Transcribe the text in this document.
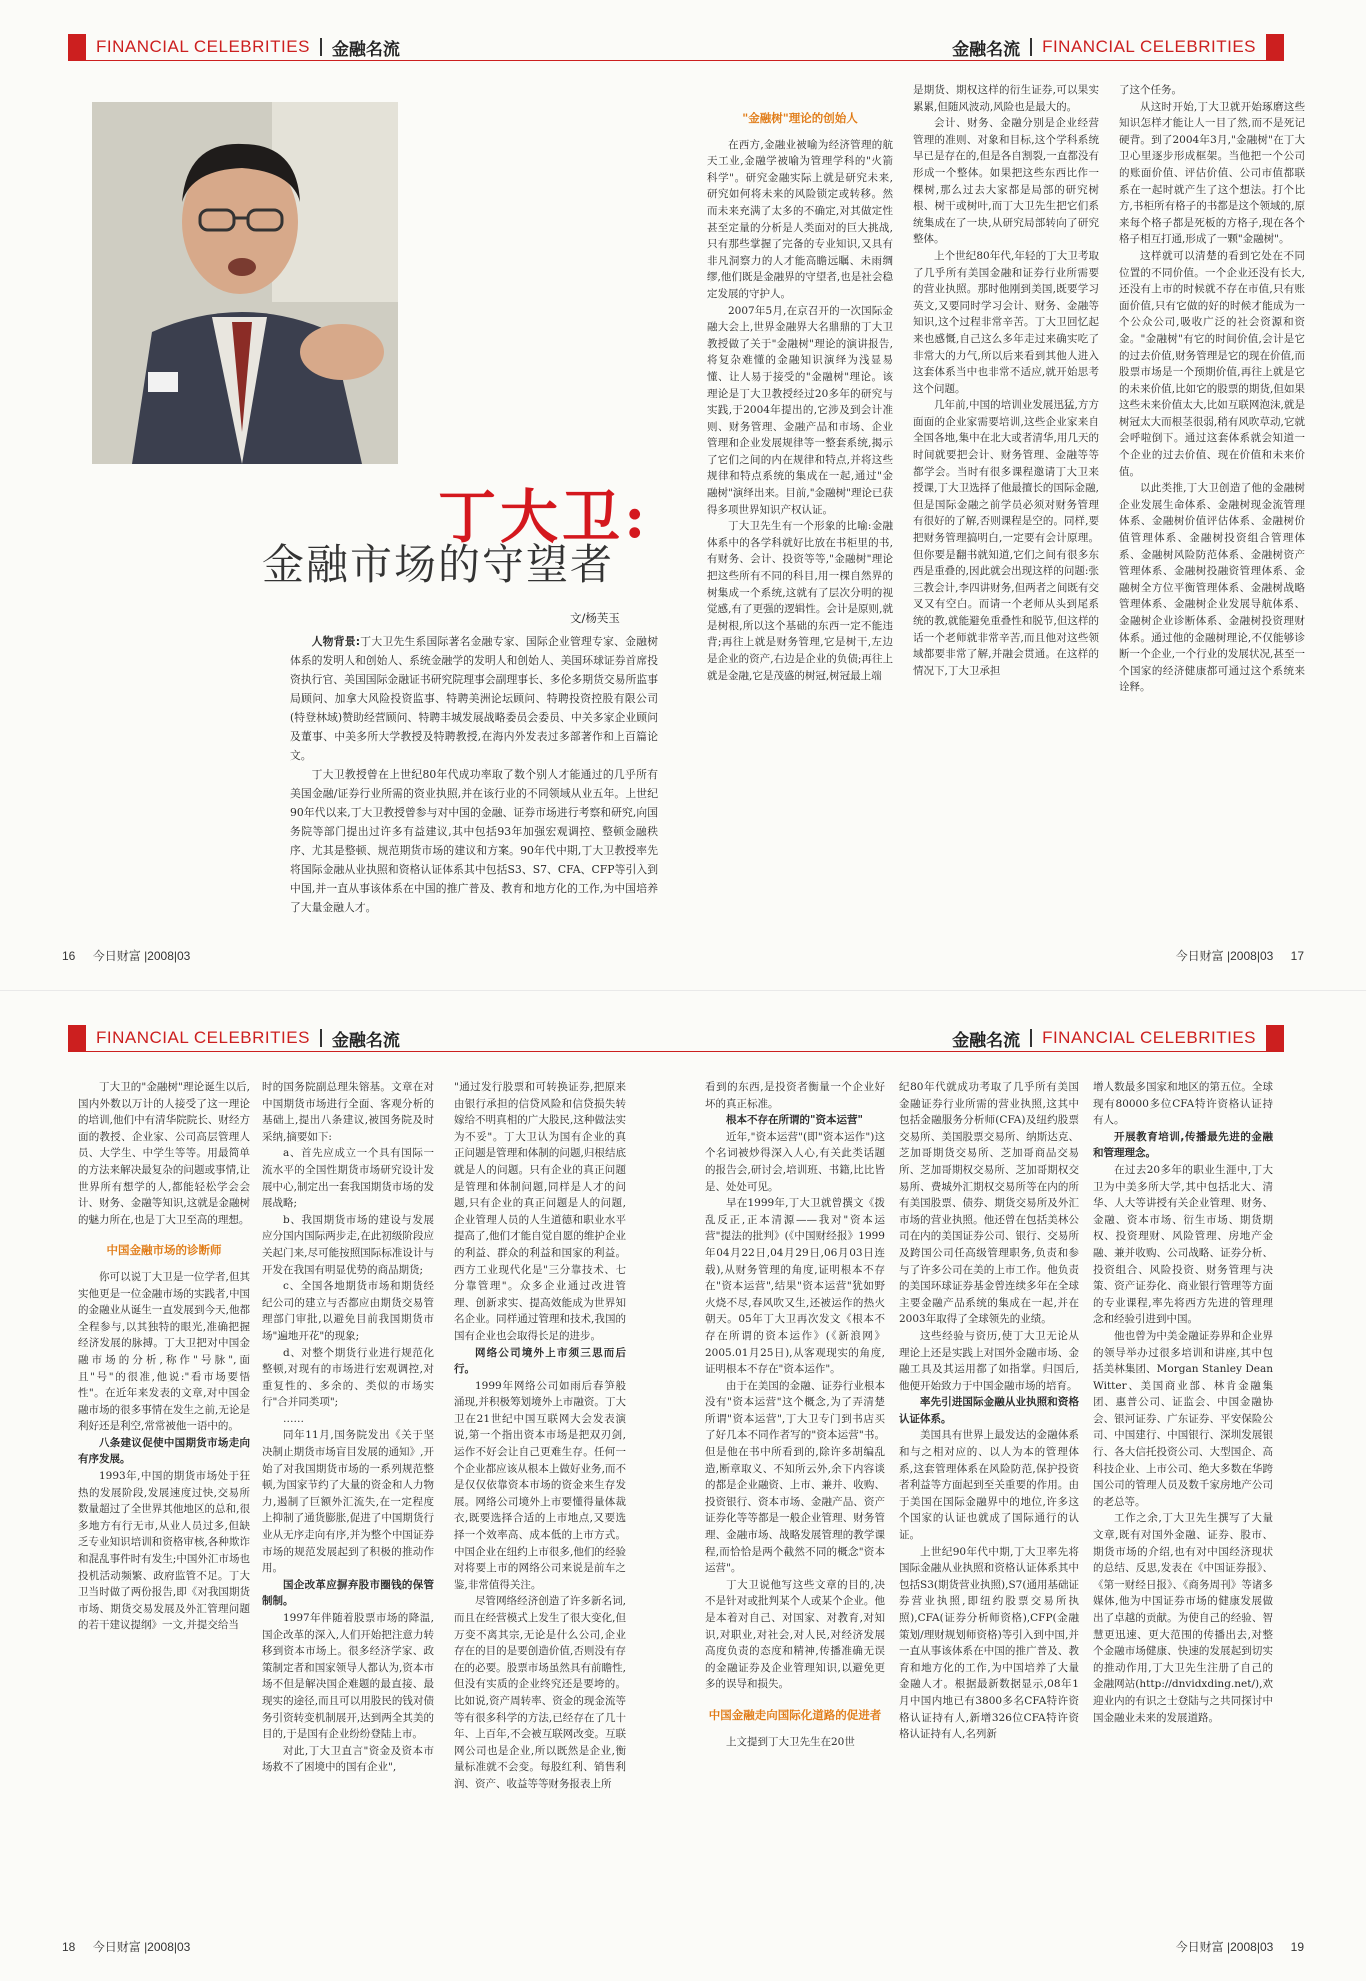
FINANCIAL CELEBRITIES 金融名流
丁大卫:
金融市场的守望者
文/杨芙玉

人物背景:丁大卫先生系国际著名金融专家、国际企业管理专家、金融树体系的发明人和创始人、系统金融学的发明人和创始人、美国环球证券首席投资执行官、美国国际金融证书研究院理事会副理事长、多伦多期货交易所监事局顾问、加拿大风险投资监事、特聘美洲论坛顾问、特聘投资控股有限公司(特登林域)赞助经营顾问、特聘丰城发展战略委员会委员、中关多家企业顾问及董事、中美多所大学教授及特聘教授,在海内外发表过多部著作和上百篇论文。

丁大卫教授曾在上世纪80年代成功率取了数个别人才能通过的几乎所有美国金融/证券行业所需的资业执照,并在该行业的不同领域从业五年。上世纪90年代以来,丁大卫教授曾参与对中国的金融、证券市场进行考察和研究,向国务院等部门提出过许多有益建议,其中包括93年加强宏观调控、整顿金融秩序、尤其是整顿、规范期货市场的建议和方案。90年代中期,丁大卫教授率先将国际金融从业执照和资格认证体系其中包括S3、S7、CFA、CFP等引入到中国,并一直从事该体系在中国的推广普及、教育和地方化的工作,为中国培养了大量金融人才。

16 今日财富 |2008|03
金融名流 FINANCIAL CELEBRITIES

"金融树"理论的创始人

在西方,金融业被喻为经济管理的航天工业,金融学被喻为管理学科的"火箭科学"。研究金融实际上就是研究未来,研究如何将未来的风险锁定或转移。然而未来充满了太多的不确定,对其做定性甚至定量的分析是人类面对的巨大挑战,只有那些掌握了完备的专业知识,又具有非凡洞察力的人才能高瞻远瞩、未雨绸缪,他们既是金融界的守望者,也是社会稳定发展的守护人。

2007年5月,在京召开的一次国际金融大会上,世界金融界大名鼎鼎的丁大卫教授做了关于"金融树"理论的演讲报告,将复杂难懂的金融知识演绎为浅显易懂、让人易于接受的"金融树"理论。该理论是丁大卫教授经过20多年的研究与实践,于2004年提出的,它涉及到会计准则、财务管理、金融产品和市场、企业管理和企业发展规律等一整套系统,揭示了它们之间的内在规律和特点,并将这些规律和特点系统的集成在一起,通过"金融树"演绎出来。目前,"金融树"理论已获得多项世界知识产权认证。

丁大卫先生有一个形象的比喻:金融体系中的各学科就好比放在书柜里的书,有财务、会计、投资等等,"金融树"理论把这些所有不同的科目,用一棵自然界的树集成一个系统,这就有了层次分明的视觉感,有了更强的逻辑性。会计是原则,就是树根,所以这个基础的东西一定不能违背;再往上就是财务管理,它是树干,左边是企业的资产,右边是企业的负债;再往上就是金融,它是茂盛的树冠,树冠最上端

是期货、期权这样的衍生证券,可以果实累累,但随风波动,风险也是最大的。

会计、财务、金融分别是企业经营管理的准则、对象和目标,这个学科系统早已是存在的,但是各自割裂,一直都没有形成一个整体。如果把这些东西比作一棵树,那么过去大家都是局部的研究树根、树干或树叶,而丁大卫先生把它们系统集成在了一块,从研究局部转向了研究整体。

上个世纪80年代,年轻的丁大卫考取了几乎所有美国金融和证券行业所需要的营业执照。那时他刚到美国,既要学习英文,又要同时学习会计、财务、金融等知识,这个过程非常辛苦。丁大卫回忆起来也感慨,自己这么多年走过来确实吃了非常大的力气,所以后来看到其他人进入这套体系当中也非常不适应,就开始思考这个问题。

几年前,中国的培训业发展迅猛,方方面面的企业家需要培训,这些企业家来自全国各地,集中在北大或者清华,用几天的时间就要把会计、财务管理、金融等等都学会。当时有很多课程邀请丁大卫来授课,丁大卫选择了他最擅长的国际金融,但是国际金融之前学员必须对财务管理有很好的了解,否则课程是空的。同样,要把财务管理搞明白,一定要有会计原理。但你要是翻书就知道,它们之间有很多东西是重叠的,因此就会出现这样的问题:张三教会计,李四讲财务,但两者之间既有交叉又有空白。而请一个老师从头到尾系统的教,就能避免重叠性和脱节,但这样的话一个老师就非常辛苦,而且他对这些领域都要非常了解,并融会贯通。在这样的情况下,丁大卫承担

了这个任务。

从这时开始,丁大卫就开始琢磨这些知识怎样才能让人一目了然,而不是死记硬背。到了2004年3月,"金融树"在丁大卫心里逐步形成框架。当他把一个公司的账面价值、评估价值、公司市值都联系在一起时就产生了这个想法。打个比方,书柜所有格子的书都是这个领域的,原来每个格子都是死板的方格子,现在各个格子相互打通,形成了一颗"金融树"。

这样就可以清楚的看到它处在不同位置的不同价值。一个企业还没有长大,还没有上市的时候就不存在市值,只有账面价值,只有它做的好的时候才能成为一个公众公司,吸收广泛的社会资源和资金。"金融树"有它的时间价值,会计是它的过去价值,财务管理是它的现在价值,而股票市场是一个预期价值,再往上就是它的未来价值,比如它的股票的期货,但如果这些未来价值太大,比如互联网泡沫,就是树冠太大而根茎很弱,稍有风吹草动,它就会呼啦倒下。通过这套体系就会知道一个企业的过去价值、现在价值和未来价值。

以此类推,丁大卫创造了他的金融树企业发展生命体系、金融树现金流管理体系、金融树价值评估体系、金融树价值管理体系、金融树投资组合管理体系、金融树风险防范体系、金融树资产管理体系、金融树投融资管理体系、金融树全方位平衡管理体系、金融树战略管理体系、金融树企业发展导航体系、金融树企业诊断体系、金融树投资理财体系。通过他的金融树理论,不仅能够诊断一个企业,一个行业的发展状况,甚至一个国家的经济健康都可通过这个系统来诠释。

今日财富 |2008|03 17
FINANCIAL CELEBRITIES 金融名流

丁大卫的"金融树"理论诞生以后,国内外数以万计的人接受了这一理论的培训,他们中有清华院院长、财经方面的教授、企业家、公司高层管理人员、大学生、中学生等等。用最简单的方法来解决最复杂的问题或事情,让世界所有想学的人,都能轻松学会会计、财务、金融等知识,这就是金融树的魅力所在,也是丁大卫至高的理想。

中国金融市场的诊断师

你可以说丁大卫是一位学者,但其实他更是一位金融市场的实践者,中国的金融业从诞生一直发展到今天,他都全程参与,以其独特的眼光,准确把握经济发展的脉搏。丁大卫把对中国金融市场的分析,称作"号脉",面且"号"的很准,他说:"看市场要悟性"。在近年来发表的文章,对中国金融市场的很多事情在发生之前,无论是利好还是利空,常常被他一语中的。

八条建议促使中国期货市场走向有序发展。

1993年,中国的期货市场处于狂热的发展阶段,发展速度过快,交易所数量超过了全世界其他地区的总和,很多地方有行无市,从业人员过多,但缺乏专业知识培训和资格审核,各种欺诈和混乱事件时有发生;中国外汇市场也投机活动频繁、政府监管不足。丁大卫当时做了两份报告,即《对我国期货市场、期货交易发展及外汇管理问题的若干建议提纲》一文,并提交给当

时的国务院副总理朱镕基。文章在对中国期货市场进行全面、客观分析的基础上,提出八条建议,被国务院及时采纳,摘要如下:

a、首先应成立一个具有国际一流水平的全国性期货市场研究设计发展中心,制定出一套我国期货市场的发展战略;

b、我国期货市场的建设与发展应分国内国际两步走,在此初级阶段应关起门来,尽可能按照国际标准设计与开发在我国有明显优势的商品期货;

c、全国各地期货市场和期货经纪公司的建立与否都应由期货交易管理部门审批,以避免目前我国期货市场"遍地开花"的现象;

d、对整个期货行业进行规范化整顿,对现有的市场进行宏观调控,对重复性的、多余的、类似的市场实行"合并同类项";

……

同年11月,国务院发出《关于坚决制止期货市场盲目发展的通知》,开始了对我国期货市场的一系列规范整顿,为国家节约了大量的资金和人力物力,遏制了巨额外汇流失,在一定程度上抑制了通货膨胀,促进了中国期货行业从无序走向有序,并为整个中国证券市场的规范发展起到了积极的推动作用。

国企改革应摒弃股市圈钱的保管制制。

1997年伴随着股票市场的降温,国企改革的深入,人们开始把注意力转移到资本市场上。很多经济学家、政策制定者和国家领导人都认为,资本市场不但是解决国企难题的最直接、最现实的途径,而且可以用股民的钱对债务引资转变机制展开,达到两全其美的目的,于是国有企业纷纷登陆上市。

对此,丁大卫直言"资金及资本市场救不了困境中的国有企业",

"通过发行股票和可转换证券,把原来由银行承担的信贷风险和信贷损失转嫁给不明真相的广大股民,这种做法实为不妥"。丁大卫认为国有企业的真正问题是管理和体制的问题,归根结底就是人的问题。只有企业的真正问题是管理和体制问题,同样是人才的问题,只有企业的真正问题是人的问题,企业管理人员的人生道德和职业水平提高了,他们才能自觉自愿的维护企业的利益、群众的利益和国家的利益。西方工业现代化是"三分靠技术、七分靠管理"。众多企业通过改进管理、创新求实、提高效能成为世界知名企业。同样通过管理和技术,我国的国有企业也会取得长足的进步。

网络公司境外上市须三思而后行。

1999年网络公司如雨后春笋般涌现,并积极筹划境外上市融资。丁大卫在21世纪中国互联网大会发表演说,第一个指出资本市场是把双刃剑,运作不好会让自己更难生存。任何一个企业都应该从根本上做好业务,而不是仅仅依靠资本市场的资金来生存发展。网络公司境外上市要懂得量体裁衣,既要选择合适的上市地点,又要选择一个效率高、成本低的上市方式。中国企业在纽约上市很多,他们的经验对将要上市的网络公司来说是前车之鉴,非常值得关注。

尽管网络经济创造了许多新名词,而且在经营模式上发生了很大变化,但万变不离其宗,无论是什么公司,企业存在的目的是要创造价值,否则没有存在的必要。股票市场虽然具有前瞻性,但没有实质的企业终究还是要垮的。比如说,资产周转率、资金的现金流等等有很多科学的方法,已经存在了几十年、上百年,不会被互联网改变。互联网公司也是企业,所以既然是企业,衡量标准就不会变。每股红利、销售利润、资产、收益等等财务报表上所

18 今日财富 |2008|03
金融名流 FINANCIAL CELEBRITIES

看到的东西,是投资者衡量一个企业好坏的真正标准。

根本不存在所谓的"资本运营"

近年,"资本运营"(即"资本运作")这个名词被炒得深入人心,有关此类话题的报告会,研讨会,培训班、书籍,比比皆是、处处可见。

早在1999年,丁大卫就曾撰文《拨乱反正,正本清源——我对"资本运营"提法的批判》(《中国财经报》1999年04月22日,04月29日,06月03日连载),从财务管理的角度,证明根本不存在"资本运营",结果"资本运营"犹如野火烧不尽,春风吹又生,还被运作的热火朝天。05年丁大卫再次发文《根本不存在所谓的资本运作》(《新浪网》2005.01月25日),从客观现实的角度,证明根本不存在"资本运作"。

由于在美国的金融、证券行业根本没有"资本运营"这个概念,为了弄清楚所谓"资本运营",丁大卫专门到书店买了好几本不同作者写的"资本运营"书。但是他在书中所看到的,除许多胡编乱造,断章取义、不知所云外,余下内容谈的都是企业融资、上市、兼并、收购、投资银行、资本市场、金融产品、资产证券化等等都是一般企业管理、财务管理、金融市场、战略发展管理的教学课程,而恰恰是两个截然不同的概念"资本运营"。

丁大卫说他写这些文章的目的,决不是针对或批判某个人或某个企业。他是本着对自己、对国家、对教育,对知识,对职业,对社会,对人民,对经济发展高度负责的态度和精神,传播准确无误的金融证券及企业管理知识,以避免更多的误导和损失。

中国金融走向国际化道路的促进者

上文提到丁大卫先生在20世

纪80年代就成功考取了几乎所有美国金融证券行业所需的营业执照,这其中包括金融服务分析师(CFA)及纽约股票交易所、美国股票交易所、纳斯达克、芝加哥期货交易所、芝加哥商品交易所、芝加哥期权交易所、芝加哥期权交易所、费城外汇期权交易所等在内的所有美国股票、债券、期货交易所及外汇市场的营业执照。他还曾在包括美林公司在内的美国证券公司、银行、交易所及跨国公司任高级管理职务,负责和参与了许多公司在美的上市工作。他负责的美国环球证券基金曾连续多年在全球主要金融产品系统的集成在一起,并在2003年取得了全球领先的业绩。

这些经验与资历,使丁大卫无论从理论上还是实践上对国外金融市场、金融工具及其运用都了如指掌。归国后,他便开始致力于中国金融市场的培育。

率先引进国际金融从业执照和资格认证体系。

美国具有世界上最发达的金融体系和与之相对应的、以人为本的管理体系,这套管理体系在风险防范,保护投资者利益等方面起到至关重要的作用。由于美国在国际金融界中的地位,许多这个国家的认证也就成了国际通行的认证。

上世纪90年代中期,丁大卫率先将国际金融从业执照和资格认证体系其中包括S3(期货营业执照),S7(通用基础证券营业执照,即纽约股票交易所执照),CFA(证券分析师资格),CFP(金融策划/理财规划师资格)等引入到中国,并一直从事该体系在中国的推广普及、教育和地方化的工作,为中国培养了大量金融人才。根据最新数据显示,08年1月中国内地已有3800多名CFA特许资格认证持有人,新增326位CFA特许资格认证持有人,名列新

增人数最多国家和地区的第五位。全球现有80000多位CFA特许资格认证持有人。

开展教育培训,传播最先进的金融和管理理念。

在过去20多年的职业生涯中,丁大卫为中美多所大学,其中包括北大、清华、人大等讲授有关企业管理、财务、金融、资本市场、衍生市场、期货期权、投资理财、风险管理、房地产金融、兼并收购、公司战略、证券分析、投资组合、风险投资、财务管理与决策、资产证券化、商业银行管理等方面的专业课程,率先将西方先进的管理理念和经验引进到中国。

他也曾为中美金融证券界和企业界的领导举办过很多培训和讲座,其中包括美林集团、Morgan Stanley Dean Witter、美国商业部、林肯金融集团、惠普公司、证监会、中国金融协会、银河证券、广东证券、平安保险公司、中国建行、中国银行、深圳发展银行、各大信托投资公司、大型国企、高科技企业、上市公司、绝大多数在华跨国公司的管理人员及数千家房地产公司的老总等。

工作之余,丁大卫先生撰写了大量文章,既有对国外金融、证券、股市、期货市场的介绍,也有对中国经济现状的总结、反思,发表在《中国证券报》、《第一财经日报》、《商务周刊》等诸多媒体,他为中国证券市场的健康发展做出了卓越的贡献。为使自己的经验、智慧更迅速、更大范围的传播出去,对整个金融市场健康、快速的发展起到切实的推动作用,丁大卫先生注册了自己的金融网站(http://dnvidxding.net/),欢迎业内的有识之士登陆与之共同探讨中国金融业未来的发展道路。

今日财富 |2008|03 19
